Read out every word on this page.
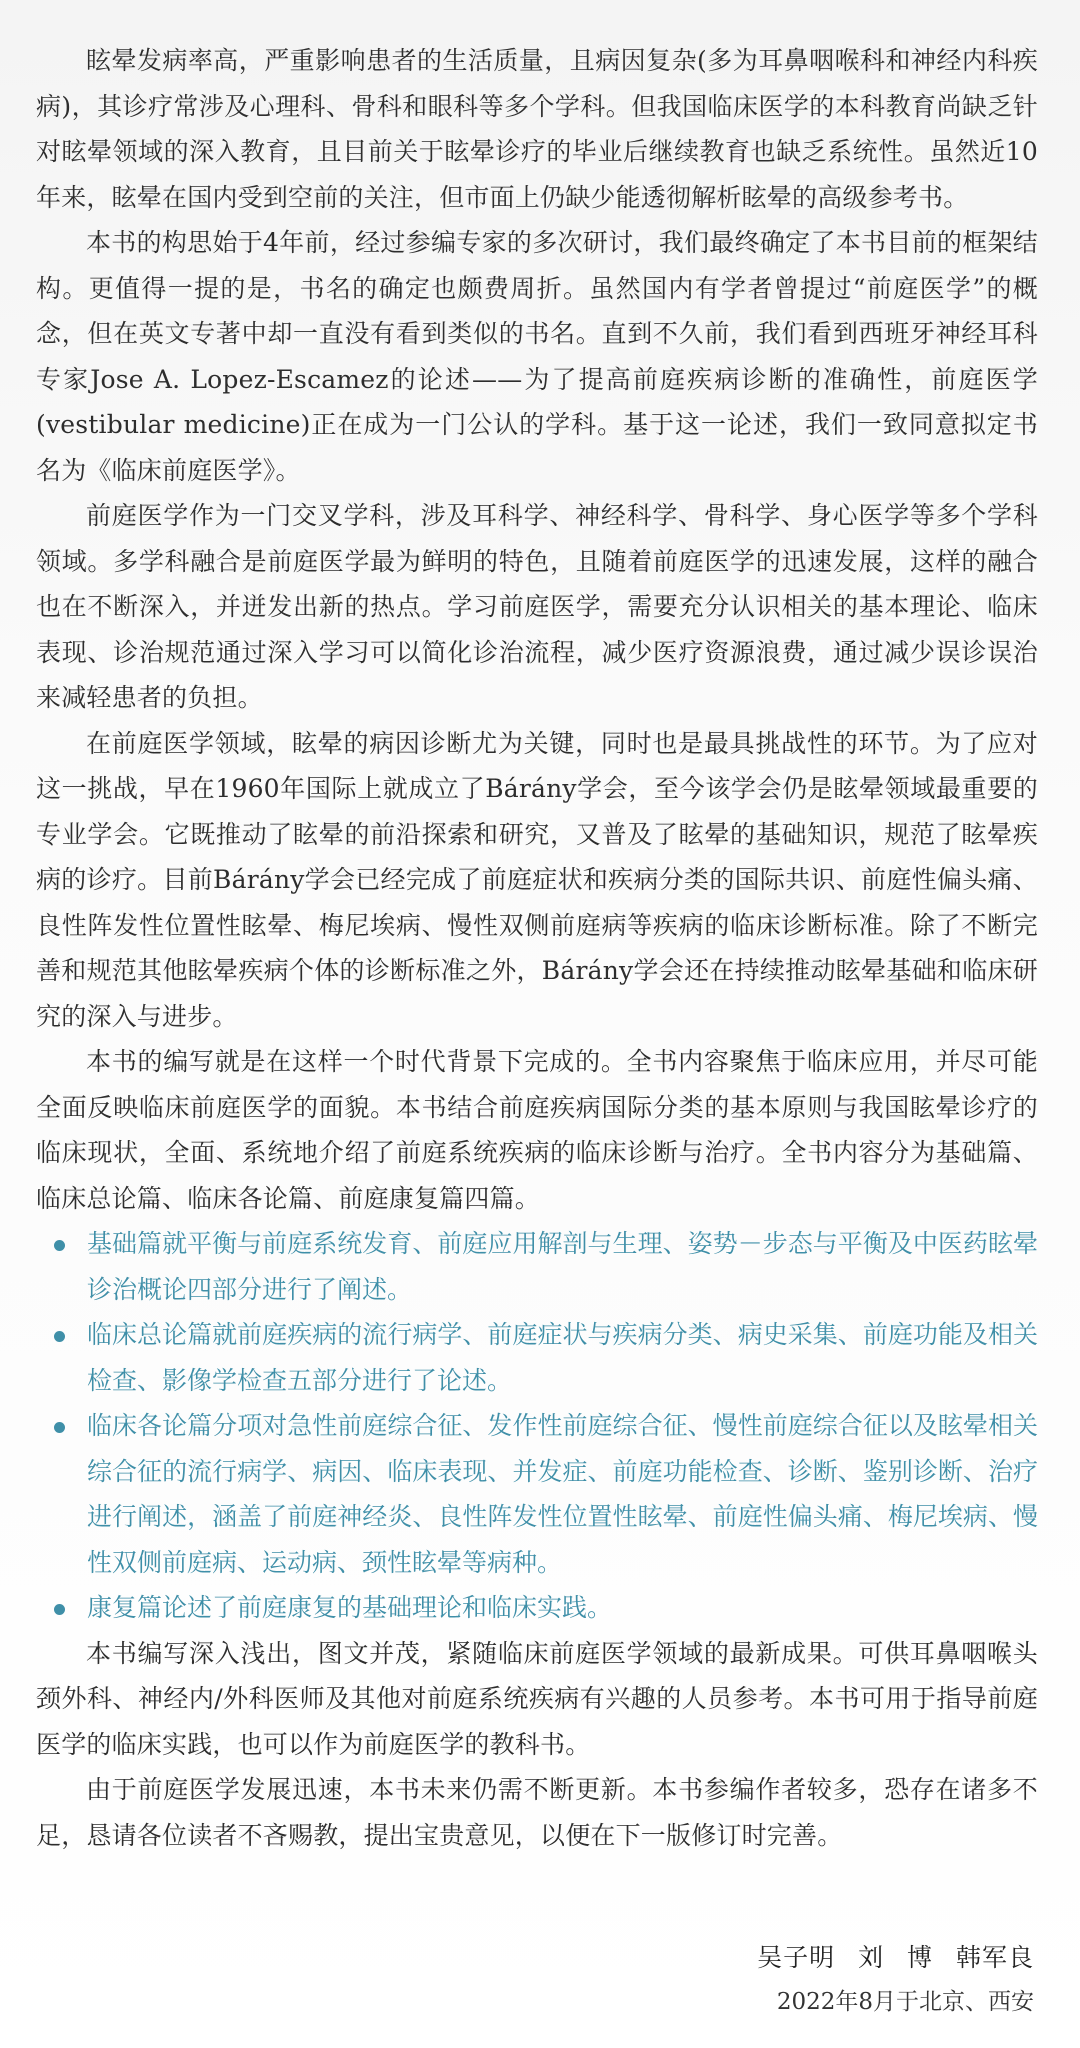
眩晕发病率高，严重影响患者的生活质量，且病因复杂(多为耳鼻咽喉科和神经内科疾病)，其诊疗常涉及心理科、骨科和眼科等多个学科。但我国临床医学的本科教育尚缺乏针对眩晕领域的深入教育，且目前关于眩晕诊疗的毕业后继续教育也缺乏系统性。虽然近10年来，眩晕在国内受到空前的关注，但市面上仍缺少能透彻解析眩晕的高级参考书。

本书的构思始于4年前，经过参编专家的多次研讨，我们最终确定了本书目前的框架结构。更值得一提的是，书名的确定也颇费周折。虽然国内有学者曾提过“前庭医学”的概念，但在英文专著中却一直没有看到类似的书名。直到不久前，我们看到西班牙神经耳科专家Jose A. Lopez-Escamez的论述——为了提高前庭疾病诊断的准确性，前庭医学(vestibular medicine)正在成为一门公认的学科。基于这一论述，我们一致同意拟定书名为《临床前庭医学》。

前庭医学作为一门交叉学科，涉及耳科学、神经科学、骨科学、身心医学等多个学科领域。多学科融合是前庭医学最为鲜明的特色，且随着前庭医学的迅速发展，这样的融合也在不断深入，并迸发出新的热点。学习前庭医学，需要充分认识相关的基本理论、临床表现、诊治规范通过深入学习可以简化诊治流程，减少医疗资源浪费，通过减少误诊误治来减轻患者的负担。

在前庭医学领域，眩晕的病因诊断尤为关键，同时也是最具挑战性的环节。为了应对这一挑战，早在1960年国际上就成立了Bárány学会，至今该学会仍是眩晕领域最重要的专业学会。它既推动了眩晕的前沿探索和研究，又普及了眩晕的基础知识，规范了眩晕疾病的诊疗。目前Bárány学会已经完成了前庭症状和疾病分类的国际共识、前庭性偏头痛、良性阵发性位置性眩晕、梅尼埃病、慢性双侧前庭病等疾病的临床诊断标准。除了不断完善和规范其他眩晕疾病个体的诊断标准之外，Bárány学会还在持续推动眩晕基础和临床研究的深入与进步。

本书的编写就是在这样一个时代背景下完成的。全书内容聚焦于临床应用，并尽可能全面反映临床前庭医学的面貌。本书结合前庭疾病国际分类的基本原则与我国眩晕诊疗的临床现状，全面、系统地介绍了前庭系统疾病的临床诊断与治疗。全书内容分为基础篇、临床总论篇、临床各论篇、前庭康复篇四篇。

基础篇就平衡与前庭系统发育、前庭应用解剖与生理、姿势－步态与平衡及中医药眩晕诊治概论四部分进行了阐述。
临床总论篇就前庭疾病的流行病学、前庭症状与疾病分类、病史采集、前庭功能及相关检查、影像学检查五部分进行了论述。
临床各论篇分项对急性前庭综合征、发作性前庭综合征、慢性前庭综合征以及眩晕相关综合征的流行病学、病因、临床表现、并发症、前庭功能检查、诊断、鉴别诊断、治疗进行阐述，涵盖了前庭神经炎、良性阵发性位置性眩晕、前庭性偏头痛、梅尼埃病、慢性双侧前庭病、运动病、颈性眩晕等病种。
康复篇论述了前庭康复的基础理论和临床实践。

本书编写深入浅出，图文并茂，紧随临床前庭医学领域的最新成果。可供耳鼻咽喉头颈外科、神经内/外科医师及其他对前庭系统疾病有兴趣的人员参考。本书可用于指导前庭医学的临床实践，也可以作为前庭医学的教科书。

由于前庭医学发展迅速，本书未来仍需不断更新。本书参编作者较多，恐存在诸多不足，恳请各位读者不吝赐教，提出宝贵意见，以便在下一版修订时完善。

吴子明 刘 博 韩军良
2022年8月于北京、西安
